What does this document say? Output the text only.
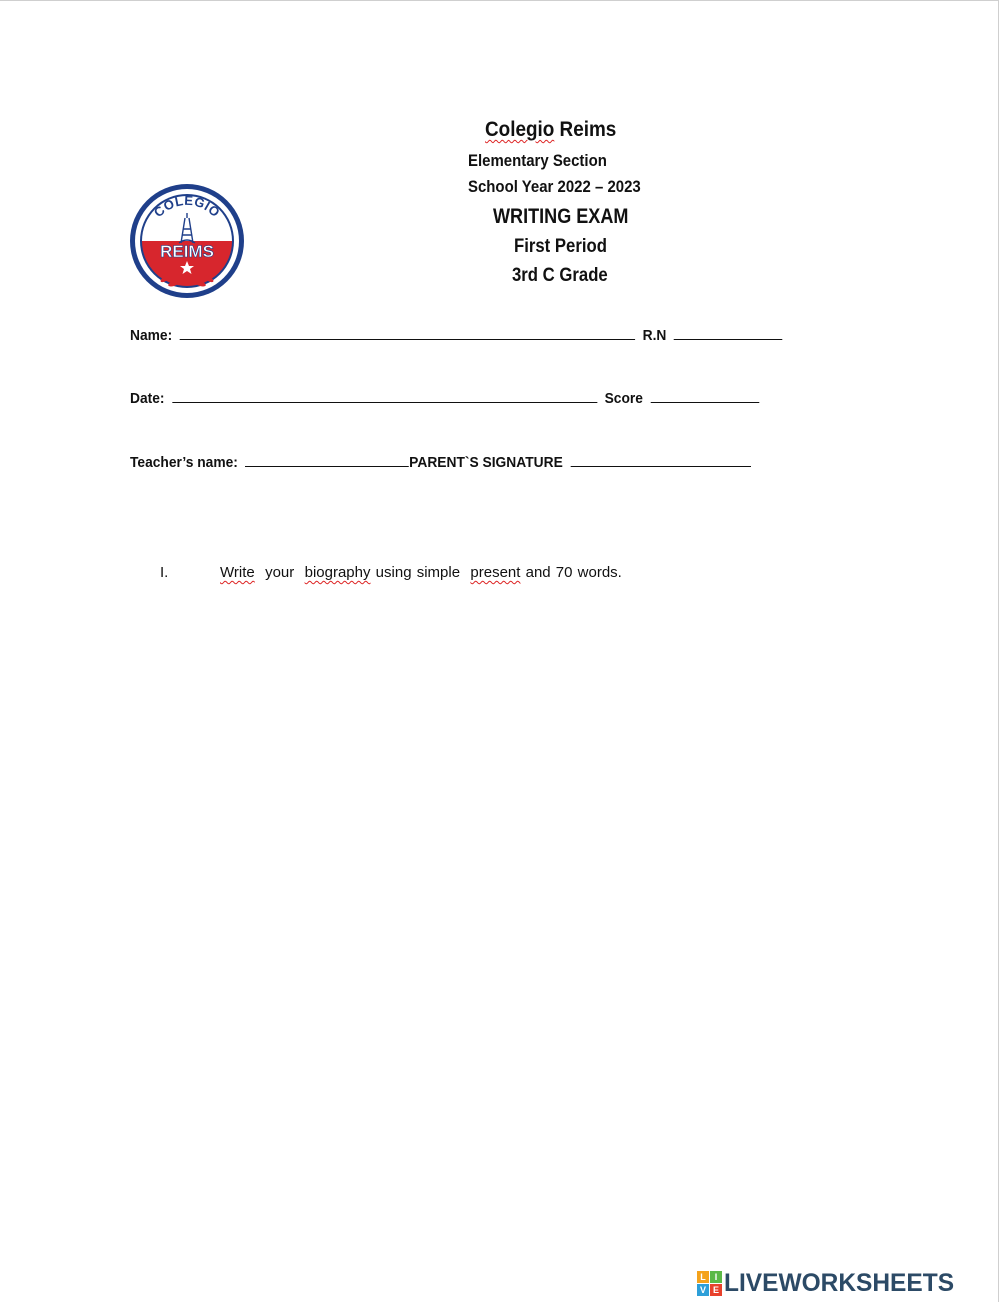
Colegio Reims
Elementary Section
School Year 2022 – 2023
WRITING EXAM
First Period
3rd C Grade
COLEGIO
REIMS
Name:	R.N
Date:	Score
Teacher’s name:	PARENT`S SIGNATURE
I.	Write your biography using simple present and 70 words.
L I
V E LIVEWORKSHEETS
